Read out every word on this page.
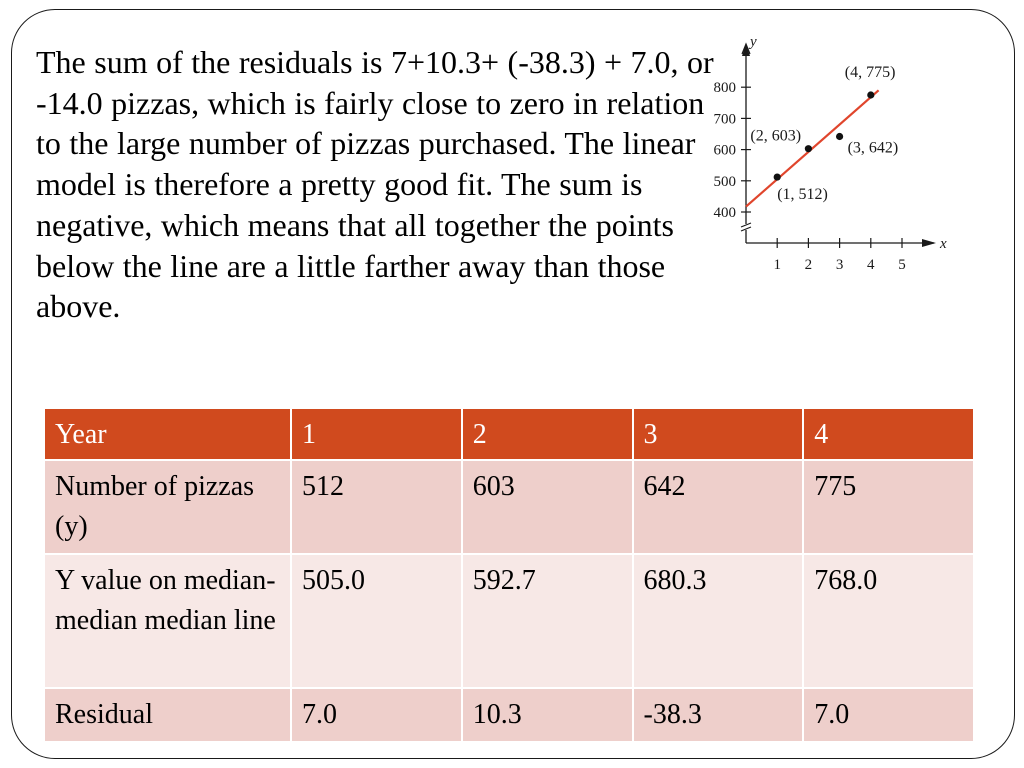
The sum of the residuals is 7+10.3+ (-38.3) + 7.0, or -14.0 pizzas, which is fairly close to zero in relation to the large number of pizzas purchased. The linear model is therefore a pretty good fit. The sum is negative, which means that all together the points below the line are a little farther away than those above.
y
x
1 2 3 4 5
400
500
600
700
800
(1, 512)
(2, 603)
(3, 642)
(4, 775)
Year	1	2	3	4
Number of pizzas (y)	512	603	642	775
Y value on median-median median line	505.0	592.7	680.3	768.0
Residual	7.0	10.3	-38.3	7.0
